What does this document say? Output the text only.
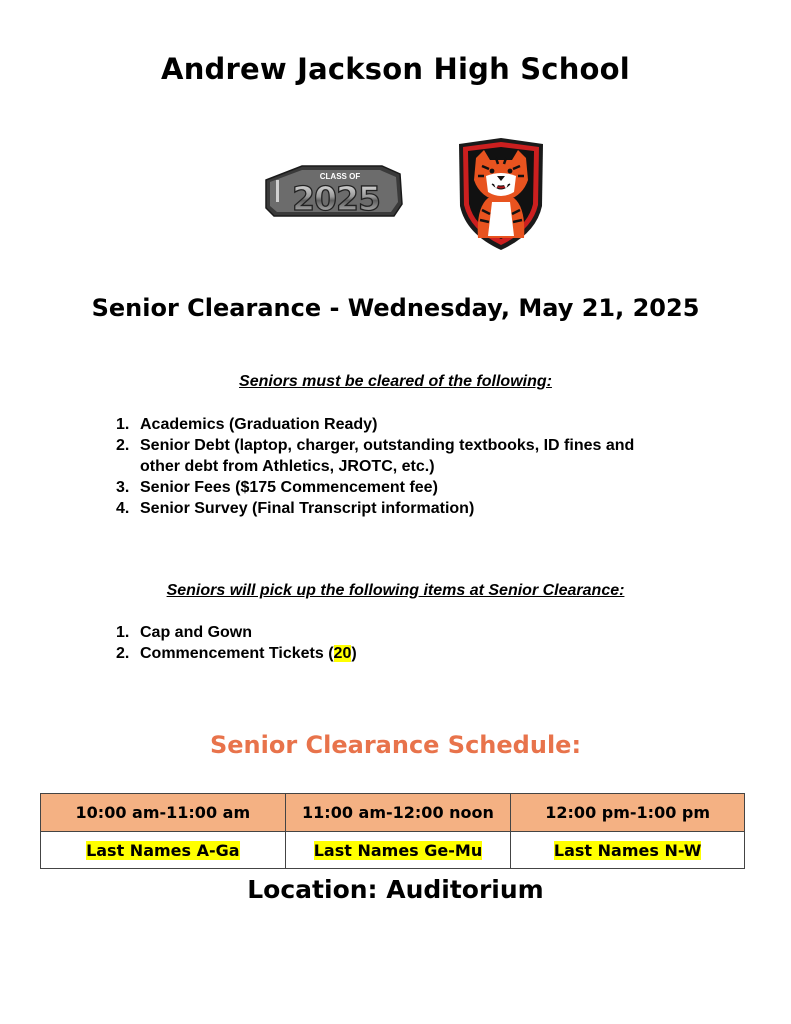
Andrew Jackson High School
CLASS OF
2025
Senior Clearance - Wednesday, May 21, 2025
Seniors must be cleared of the following:
1. Academics (Graduation Ready)
2. Senior Debt (laptop, charger, outstanding textbooks, ID fines and other debt from Athletics, JROTC, etc.)
3. Senior Fees ($175 Commencement fee)
4. Senior Survey (Final Transcript information)
Seniors will pick up the following items at Senior Clearance:
1. Cap and Gown
2. Commencement Tickets (20)
Senior Clearance Schedule:
10:00 am-11:00 am	11:00 am-12:00 noon	12:00 pm-1:00 pm
Last Names A-Ga	Last Names Ge-Mu	Last Names N-W
Location: Auditorium
